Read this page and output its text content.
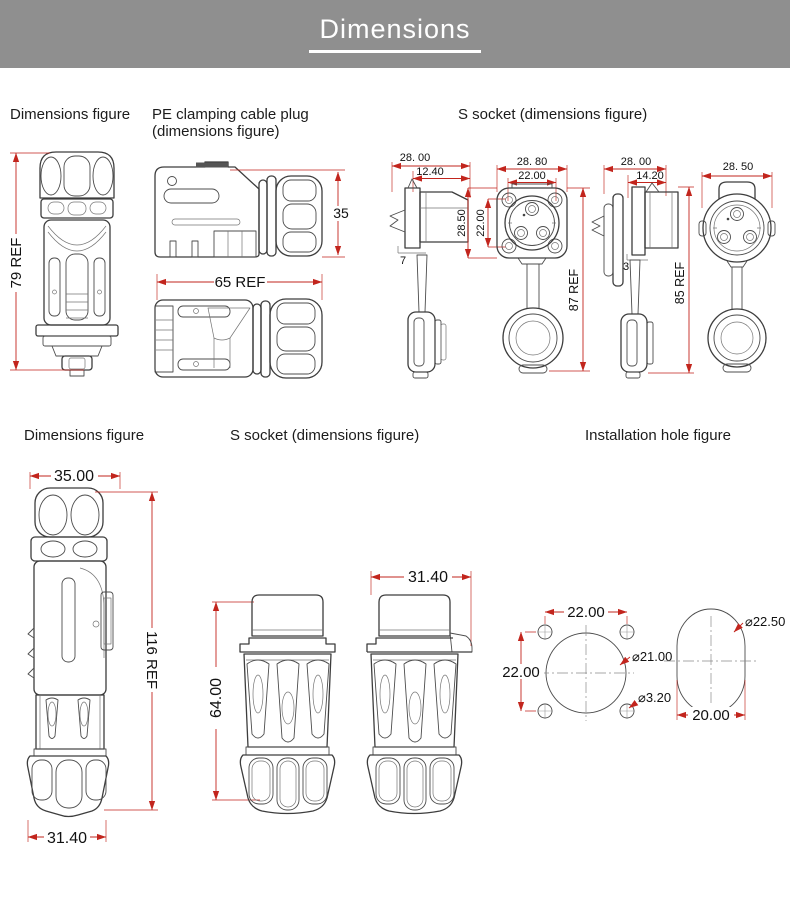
Dimensions
Dimensions figure PE clamping cable plug
(dimensions figure)
S socket (dimensions figure)
Dimensions figure	S socket (dimensions figure)	Installation hole figure
79 REF
35
65 REF
28. 00
12.40
7
28. 80
22.00
28.50 22.00
87 REF
28. 00
14.20
3	85 REF
28. 50
35.00
116 REF
31.40
64.00
31.40
22.00
22.00
⌀21.00
⌀3.20
⌀22.50
20.00
